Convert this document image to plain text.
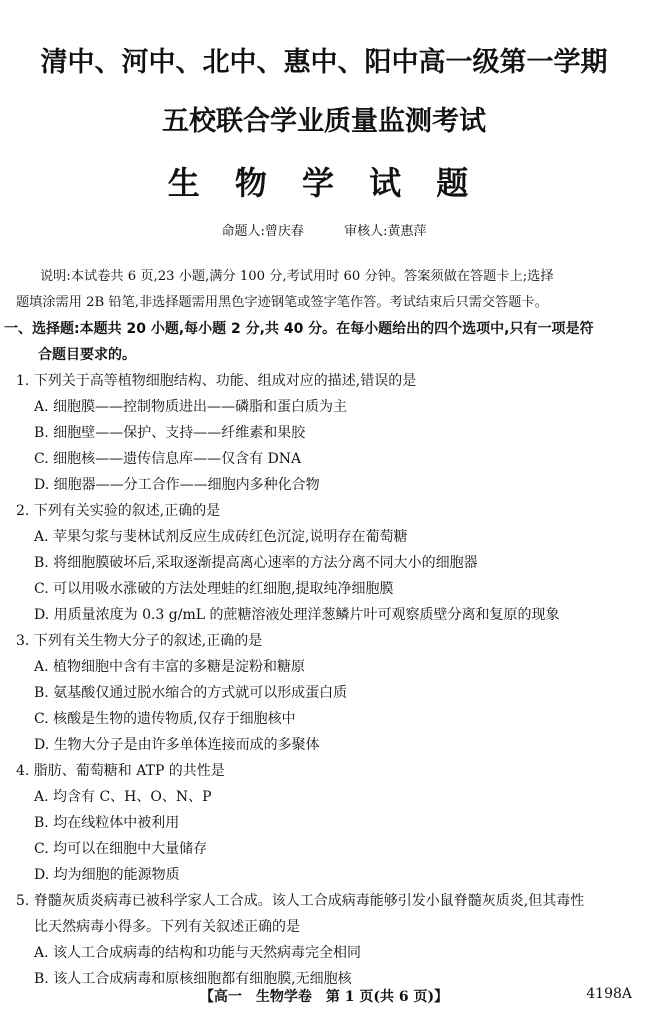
清中、河中、北中、惠中、阳中高一级第一学期
五校联合学业质量监测考试
生 物 学 试 题
命题人:曾庆春	审核人:黄惠萍
说明:本试卷共 6 页,23 小题,满分 100 分,考试用时 60 分钟。答案须做在答题卡上;选择
题填涂需用 2B 铅笔,非选择题需用黑色字迹钢笔或签字笔作答。考试结束后只需交答题卡。
一、选择题:本题共 20 小题,每小题 2 分,共 40 分。在每小题给出的四个选项中,只有一项是符
合题目要求的。
1. 下列关于高等植物细胞结构、功能、组成对应的描述,错误的是
A. 细胞膜——控制物质进出——磷脂和蛋白质为主
B. 细胞壁——保护、支持——纤维素和果胶
C. 细胞核——遗传信息库——仅含有 DNA
D. 细胞器——分工合作——细胞内多种化合物
2. 下列有关实验的叙述,正确的是
A. 苹果匀浆与斐林试剂反应生成砖红色沉淀,说明存在葡萄糖
B. 将细胞膜破坏后,采取逐渐提高离心速率的方法分离不同大小的细胞器
C. 可以用吸水涨破的方法处理蛙的红细胞,提取纯净细胞膜
D. 用质量浓度为 0.3 g/mL 的蔗糖溶液处理洋葱鳞片叶可观察质壁分离和复原的现象
3. 下列有关生物大分子的叙述,正确的是
A. 植物细胞中含有丰富的多糖是淀粉和糖原
B. 氨基酸仅通过脱水缩合的方式就可以形成蛋白质
C. 核酸是生物的遗传物质,仅存于细胞核中
D. 生物大分子是由许多单体连接而成的多聚体
4. 脂肪、葡萄糖和 ATP 的共性是
A. 均含有 C、H、O、N、P
B. 均在线粒体中被利用
C. 均可以在细胞中大量储存
D. 均为细胞的能源物质
5. 脊髓灰质炎病毒已被科学家人工合成。该人工合成病毒能够引发小鼠脊髓灰质炎,但其毒性
比天然病毒小得多。下列有关叙述正确的是
A. 该人工合成病毒的结构和功能与天然病毒完全相同
B. 该人工合成病毒和原核细胞都有细胞膜,无细胞核
【高一　生物学卷　第 1 页(共 6 页)】	4198A
